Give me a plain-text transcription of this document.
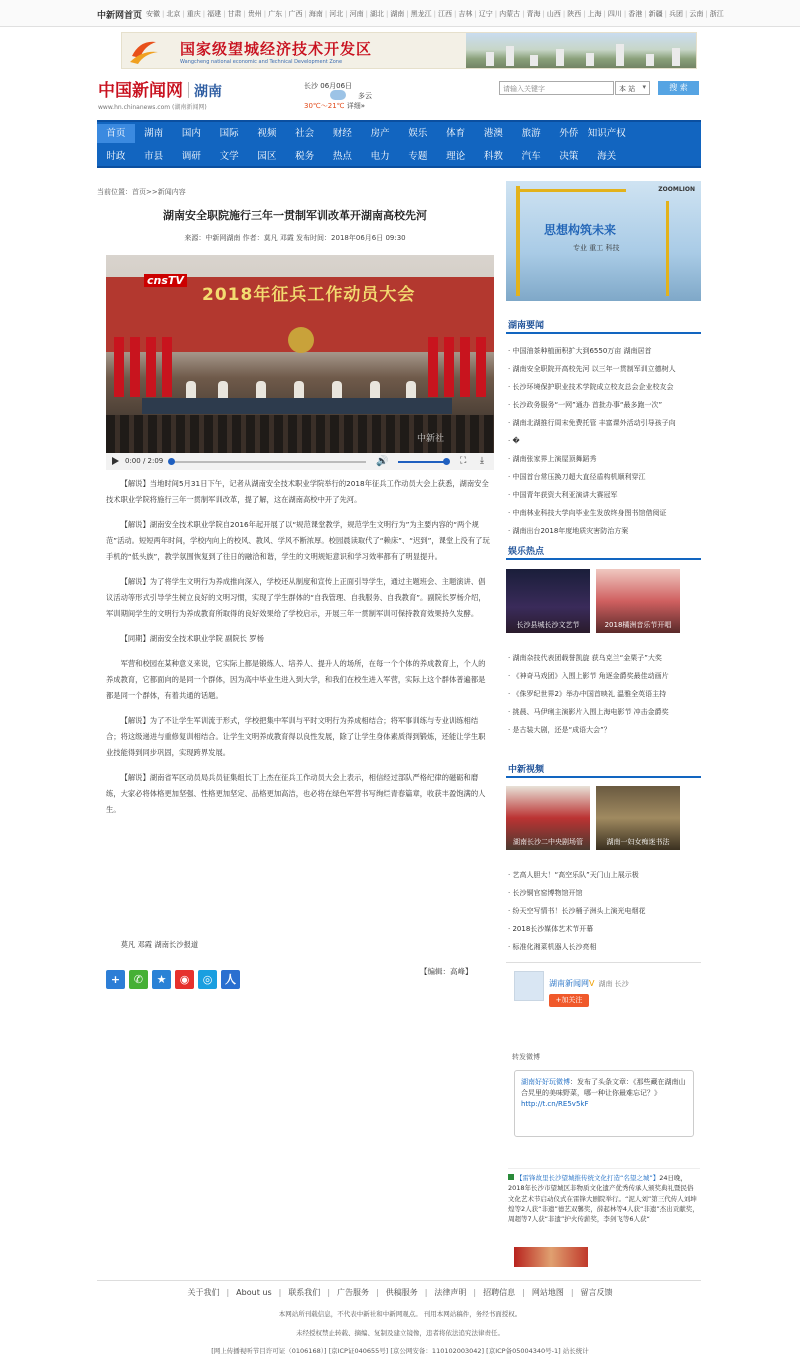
中新网首页 安徽 | 北京 | 重庆 | 福建 | 甘肃 | 贵州 | 广东 | 广西 | 海南 | 河北 | 河南 | 湖北 | 湖南 | 黑龙江 | 江西 | 吉林 | 辽宁 | 内蒙古 | 青海 | 山西 | 陕西 | 上海 | 四川 | 香港 | 新疆 | 兵团 | 云南 | 浙江
国家级望城经济技术开发区
Wangcheng national economic and Technical Development Zone
中国新闻网 湖南
www.hn.chinanews.com (湖南新闻网)
长沙 06月06日
多云
30℃～21℃ 详细»
请输入关键字	本 站 ▾	搜 索
首页	湖南	国内	国际	视频	社会	财经	房产	娱乐	体育	港澳	旅游	外侨 知识产权
时政	市县	调研	文学	园区	税务	热点	电力	专题	理论	科教	汽车	决策	海关
当前位置：首页>>新闻内容
湖南安全职院施行三年一贯制军训改革开湖南高校先河
来源：中新网湖南 作者：莫凡 邓霞 发布时间：2018年06月6日 09:30
2018年征兵工作动员大会
cnsTV
中新社
0:00 / 2:09	🔊	⛶ ⤓

【解说】当地时间5月31日下午，记者从湖南安全技术职业学院举行的2018年征兵工作动员大会上获悉，湖南安全技术职业学院将施行三年一贯制军训改革，提了解，这在湖南高校中开了先河。

【解说】湖南安全技术职业学院自2016年起开展了以“规范课堂教学，规范学生文明行为”为主要内容的“两个规范”活动。短短两年时间，学校内向上的校风、教风、学风不断浓厚。校园晨读取代了“赖床”、“迟到”，课堂上没有了玩手机的“低头族”，教学氛围恢复到了往日的融洽和谐，学生的文明规矩意识和学习效率都有了明显提升。

【解说】为了将学生文明行为养成推向深入，学校还从制度和宣传上正面引导学生，通过主题班会、主题演讲、倡议活动等形式引导学生树立良好的文明习惯，实现了学生群体的“自我管理、自我服务、自我教育”。副院长罗杨介绍，军训期间学生的文明行为养成教育所取得的良好效果给了学校启示，开展三年一贯制军训可保持教育效果持久发酵。

【同期】湖南安全技术职业学院 副院长 罗杨

军营和校园在某种意义来说，它实际上都是锻炼人、培养人、提升人的场所，在每一个个体的养成教育上，个人的养成教育，它都面向的是同一个群体，因为高中毕业生进入到大学，和我们在校生进入军营，实际上这个群体普遍都是都是同一个群体，有着共通的话题。

【解说】为了不让学生军训流于形式，学校把集中军训与平时文明行为养成相结合；将军事训练与专业训练相结合；将这级递进与重修复训相结合。让学生文明养成教育得以良性发展，除了让学生身体素质得到锻炼，还能让学生职业技能得到同步巩固，实现跨界发展。

【解说】湖南省军区动员局兵员征集组长丁上杰在征兵工作动员大会上表示，相信经过部队严格纪律的磁砺和磨练，大家必将体格更加坚强、性格更加坚定、品格更加高洁，也必将在绿色军营书写绚烂青春篇章，收获丰盈饱满的人生。

莫凡 邓霞 湖南长沙报道
+	✆	★	◉	◎	人
【编辑：高峰】
ZOOMLION
思想构筑未来
专业 重工 科技
湖南要闻
· 中国油茶种植面积扩大到6550万亩 湖南居首
· 湖南安全职院开高校先河 以三年一贯制军训立德树人
· 长沙环境保护职业技术学院成立校友总会企业校友会
· 长沙政务服务“一网”通办 首批办事“最多跑一次”
· 湖南北湖推行周末免费托管 丰富课外活动引导孩子向
· �
· 湖南张家界上演屋顶舞蹈秀
· 中国首台常压换刀超大直径盾构机顺利穿江
· 中国青年获资大利亚演讲大赛冠军
· 中南林业科技大学向毕业生发放终身图书馆借阅证
· 湖南出台2018年度地质灾害防治方案
娱乐热点
长沙县城长沙文艺节	2018橘洲音乐节开唱
· 湖南杂技代表团载誉凯旋 获乌克兰“金栗子”大奖
· 《神奇马戏团》入围上影节 角逐金爵奖最佳动画片
· 《侏罗纪世界2》举办中国首映礼 温雅全英语主持
· 挑晨、马伊琍主演影片入围上海电影节 冲击金爵奖
· 是古装大剧，还是“成语大会”？
中新视频
湖南长沙二中央剧场管	湖南一妇女痴迷书法
· 艺高人胆大！“高空乐队”天门山上展示极
· 长沙铜官窑博物馆开馆
· 纷天空写情书！长沙桶子洲头上演光电烟花
· 2018长沙媒体艺术节开幕
· 标准化湘菜机器人长沙亮相
湖南新闻网V 湖南 长沙
+加关注
转发微博
湖南好好玩微博：发布了头条文章：《那些藏在湖南山合旯里的美味野菜，哪一种让你最难忘记？》
http://t.cn/RE5v5kF
【雷锋故里长沙望城推传统文化打造“名望之城”】24日晚，2018年长沙市望城区非物质文化遗产优秀传承人颁奖典礼暨民俗文化艺术节启动仪式在雷锋大剧院举行。“泥人刘”第三代传人刘坤煌等2人获“非遗”德艺双馨奖，薛起林等4人获“非遗”杰出贡献奖，周超等7人获“非遗”护火传薪奖，李剑飞等6人获“
关于我们 | About us | 联系我们 | 广告服务 | 供稿服务 | 法律声明 | 招聘信息 | 网站地图 | 留言反馈
本网站所刊载信息，不代表中新社和中新网观点。 刊用本网站稿件，务经书面授权。
未经授权禁止转载、摘编、复制及建立镜像，违者将依法追究法律责任。
[网上传播视听节目许可证（0106168）] [京ICP证040655号] [京公网安备：110102003042] [京ICP备05004340号-1] 站长统计
